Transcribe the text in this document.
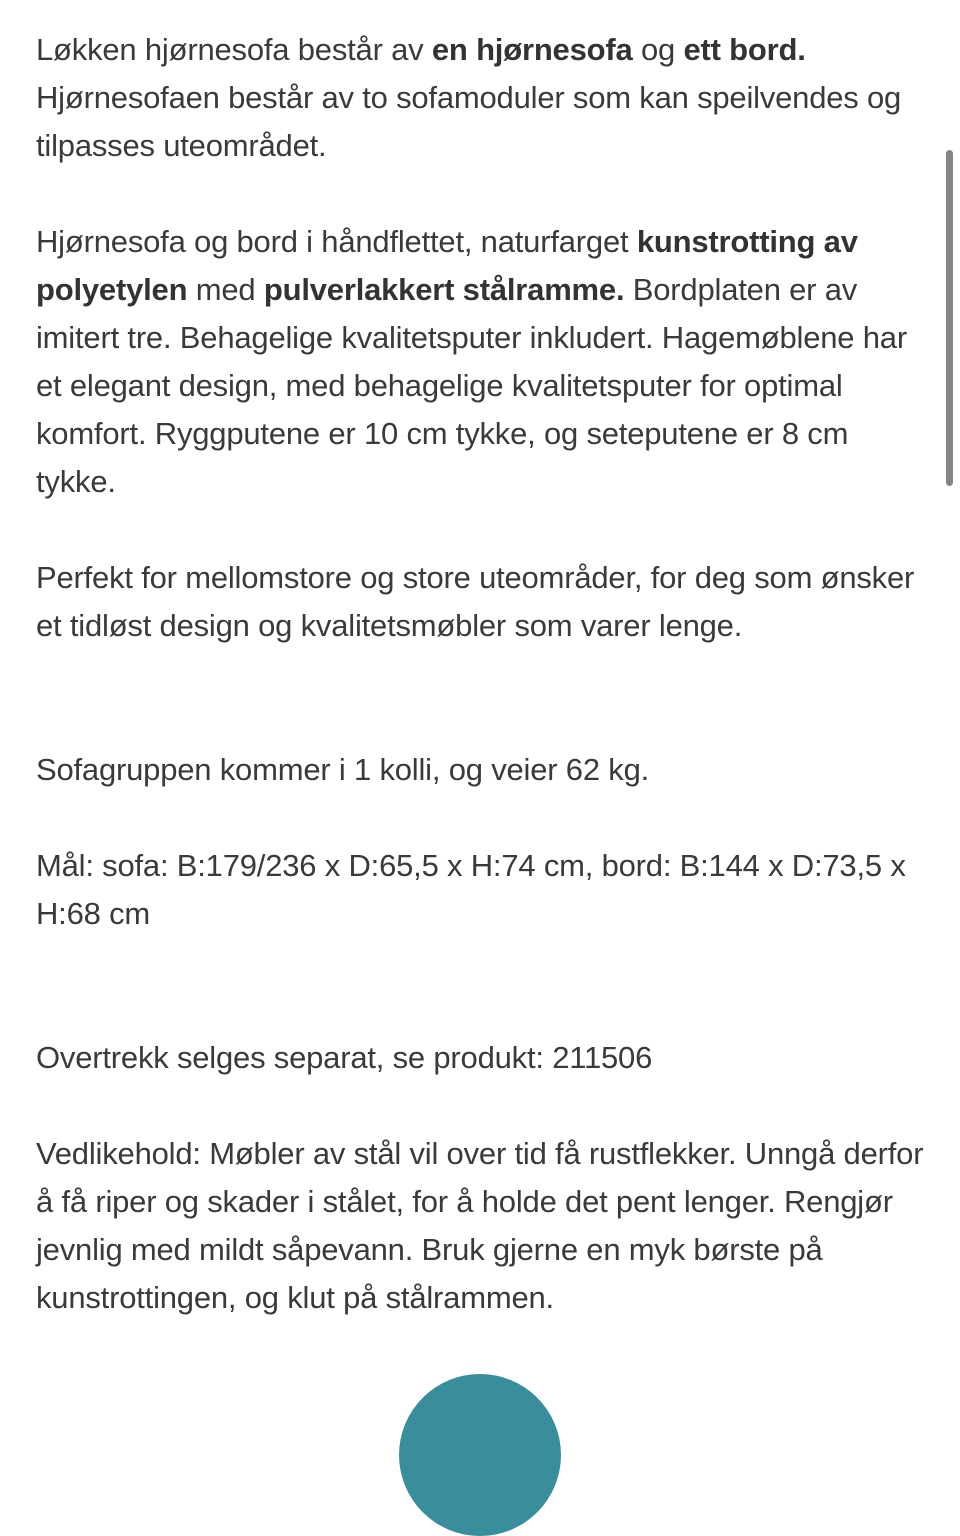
Løkken hjørnesofa består av en hjørnesofa og ett bord. Hjørnesofaen består av to sofamoduler som kan speilvendes og tilpasses uteområdet.

Hjørnesofa og bord i håndflettet, naturfarget kunstrotting av polyetylen med pulverlakkert stålramme. Bordplaten er av imitert tre. Behagelige kvalitetsputer inkludert. Hagemøblene har et elegant design, med behagelige kvalitetsputer for optimal komfort. Ryggputene er 10 cm tykke, og seteputene er 8 cm tykke.

Perfekt for mellomstore og store uteområder, for deg som ønsker et tidløst design og kvalitetsmøbler som varer lenge.

Sofagruppen kommer i 1 kolli, og veier 62 kg.

Mål: sofa: B:179/236 x D:65,5 x H:74 cm, bord: B:144 x D:73,5 x H:68 cm

Overtrekk selges separat, se produkt: 211506

Vedlikehold: Møbler av stål vil over tid få rustflekker. Unngå derfor å få riper og skader i stålet, for å holde det pent lenger. Rengjør jevnlig med mildt såpevann. Bruk gjerne en myk børste på kunstrottingen, og klut på stålrammen.
